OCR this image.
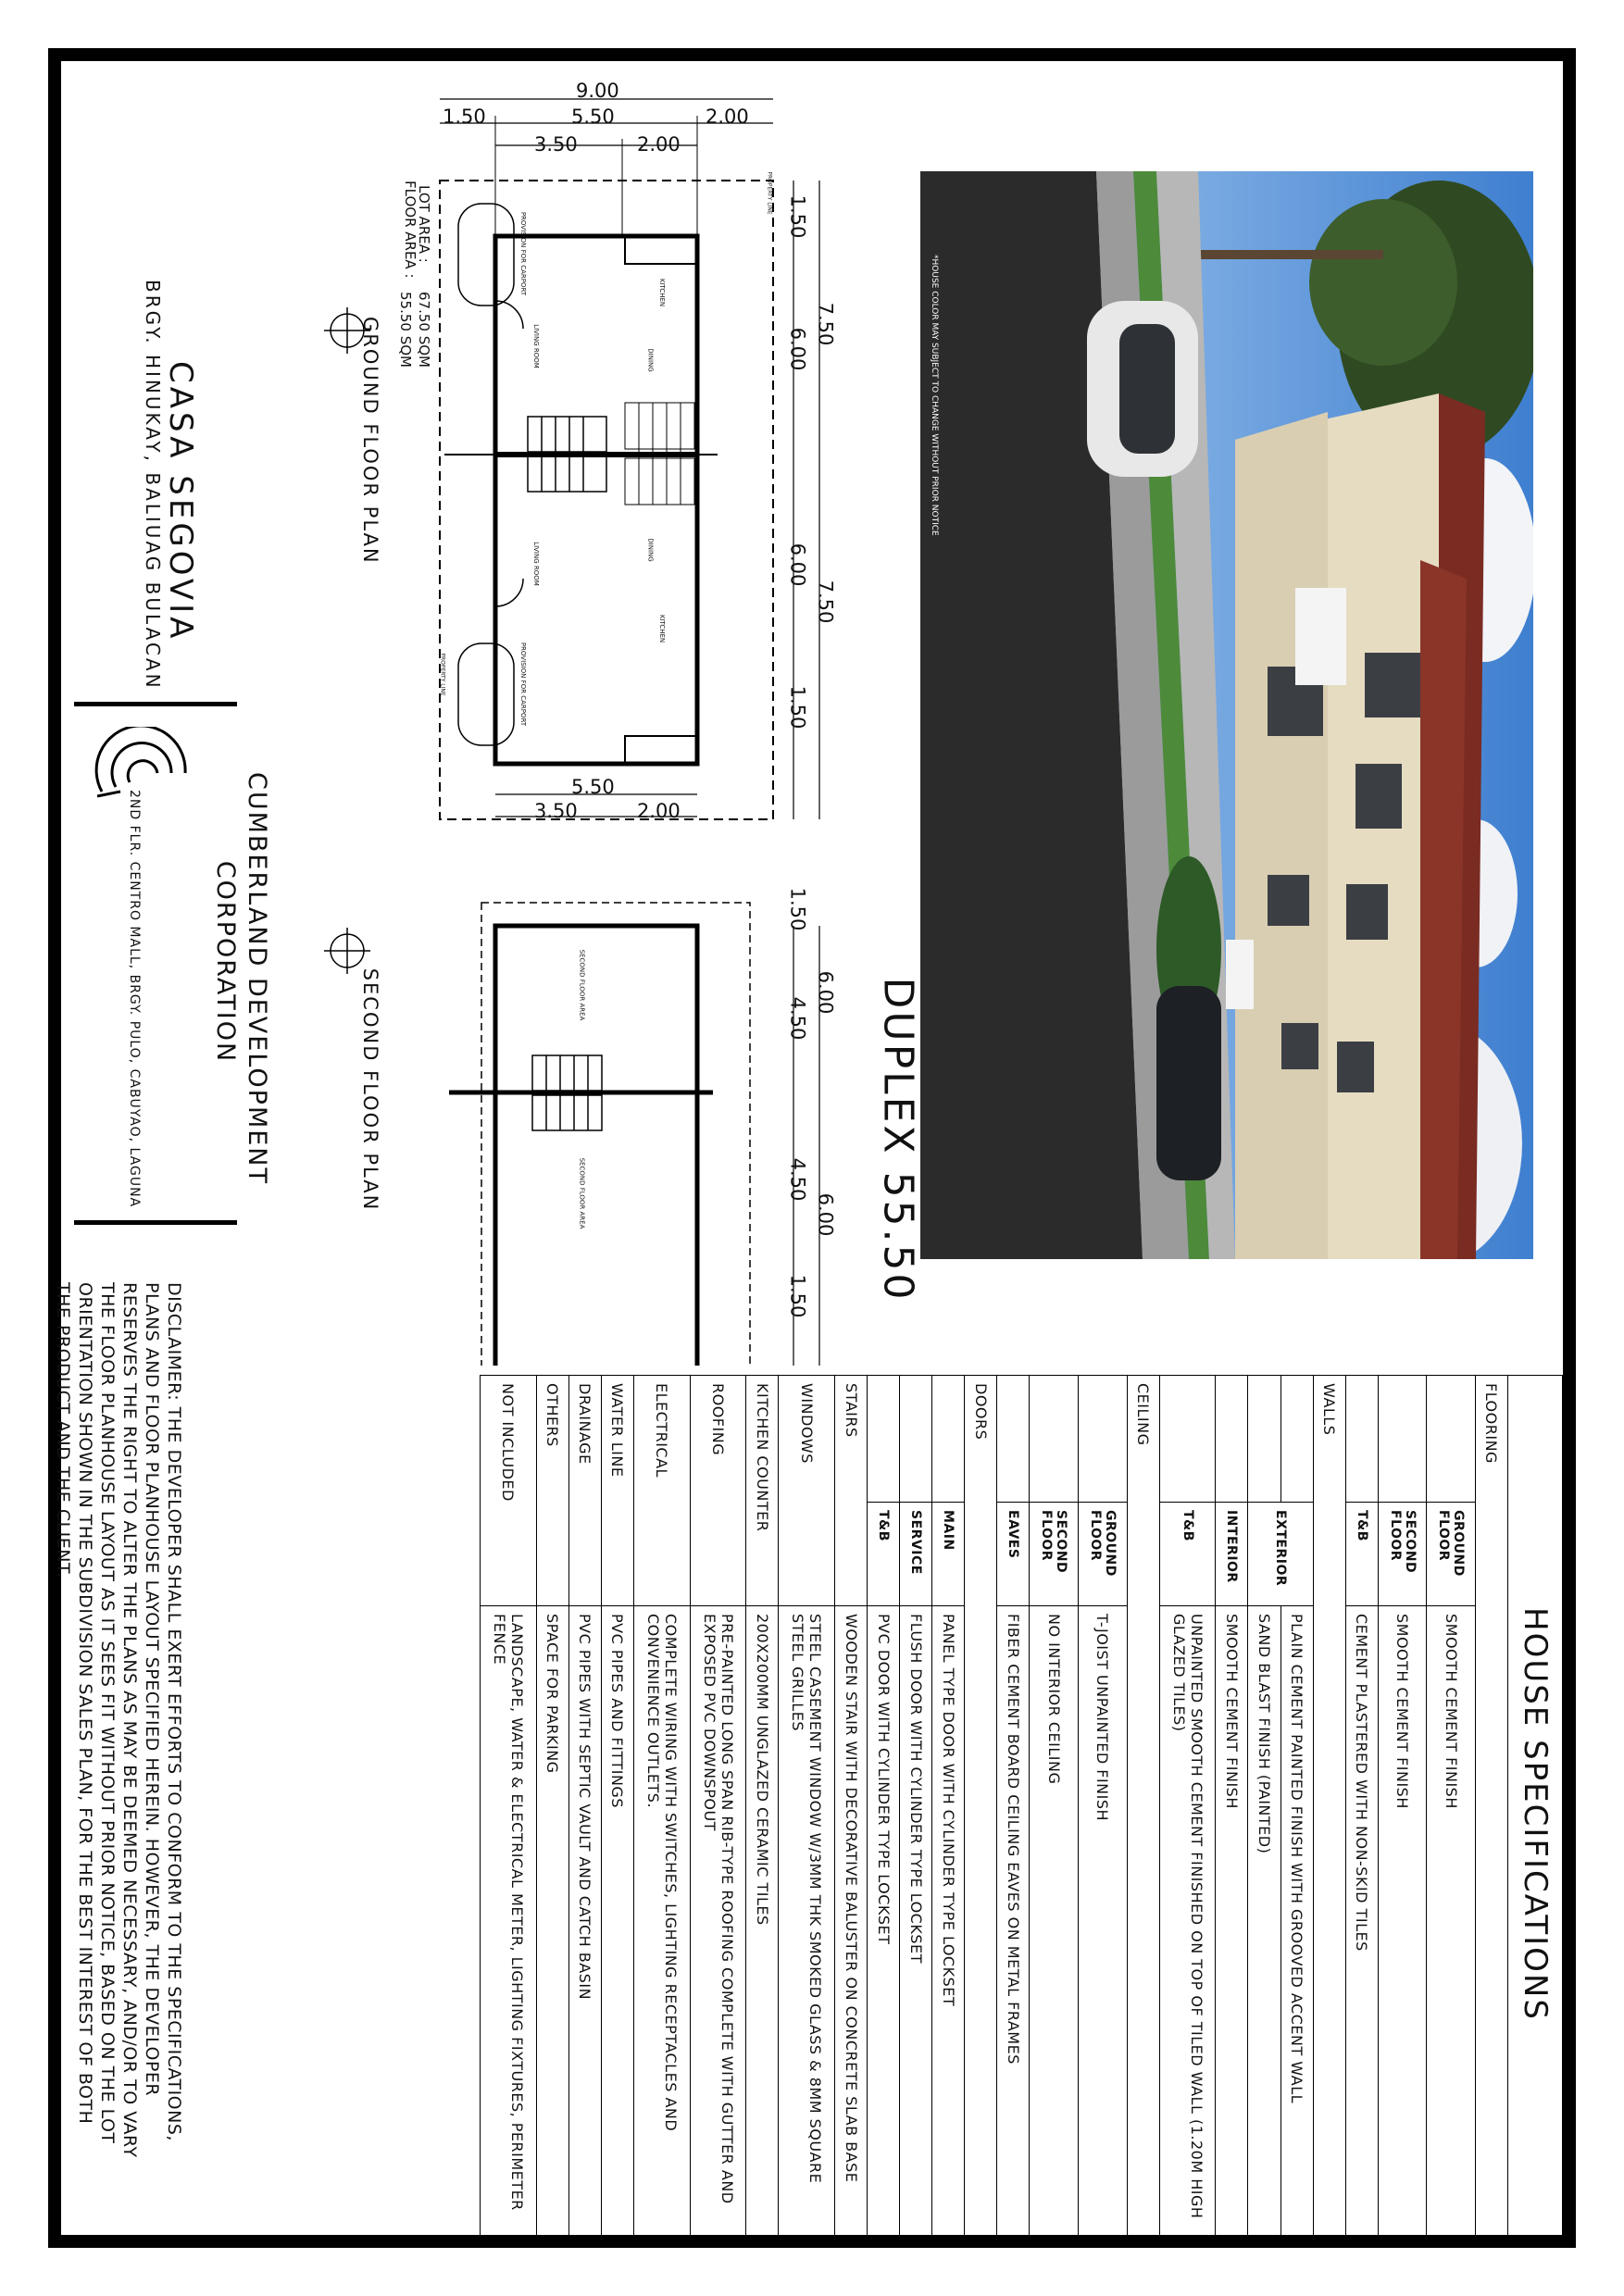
*HOUSE COLOR MAY SUBJECT TO CHANGE WITHOUT PRIOR NOTICE
DUPLEX 55.50
GROUND FLOOR PLAN
SECOND FLOOR PLAN
LOT AREA :
67.50 SQM
FLOOR AREA :
55.50 SQM
9.00
1.50	5.50	2.00
3.50	2.00
1.50
6.00
6.00
1.50
7.50
7.50
LIVING ROOM	DINING
KITCHEN
LIVING ROOM	DINING
KITCHEN
PROVISION FOR CARPORT
PROVISION FOR CARPORT
PROPERTY LINE
PROPERTY LINE
5.50
3.50	2.00
1.50
4.50
4.50
1.50
6.00
6.00
SECOND FLOOR AREA
SECOND FLOOR AREA
CASA SEGOVIA
BRGY. HINUKAY, BALIUAG BULACAN
CUMBERLAND DEVELOPMENT
CORPORATION
2ND FLR. CENTRO MALL, BRGY. PULO, CABUYAO, LAGUNA
DISCLAIMER: THE DEVELOPER SHALL EXERT EFFORTS TO CONFORM TO THE SPECIFICATIONS, PLANS AND FLOOR PLANHOUSE LAYOUT SPECIFIED HEREIN. HOWEVER, THE DEVELOPER RESERVES THE RIGHT TO ALTER THE PLANS AS MAY BE DEEMED NECESSARY, AND/OR TO VARY THE FLOOR PLANHOUSE LAYOUT AS IT SEES FIT WITHOUT PRIOR NOTICE, BASED ON THE LOT ORIENTATION SHOWN IN THE SUBDIVISION SALES PLAN, FOR THE BEST INTEREST OF BOTH THE PRODUCT AND THE CLIENT.
HOUSE SPECIFICATIONS		
FLOORING		
	GROUND FLOOR	SMOOTH CEMENT FINISH
	SECOND FLOOR	SMOOTH CEMENT FINISH
	T&B	CEMENT PLASTERED WITH NON-SKID TILES
WALLS		
	EXTERIOR	PLAIN CEMENT PAINTED FINISH WITH GROOVED ACCENT WALL
		SAND BLAST FINISH (PAINTED)
	INTERIOR	SMOOTH CEMENT FINISH
	T&B	UNPAINTED SMOOTH CEMENT FINISHED ON TOP OF TILED WALL (1.20M HIGH GLAZED TILES)
CEILING		
	GROUND FLOOR	T-JOIST UNPAINTED FINISH
	SECOND FLOOR	NO INTERIOR CEILING
	EAVES	FIBER CEMENT BOARD CEILING EAVES ON METAL FRAMES
DOORS		
	MAIN	PANEL TYPE DOOR WITH CYLINDER TYPE LOCKSET
	SERVICE	FLUSH DOOR WITH CYLINDER TYPE LOCKSET
	T&B	PVC DOOR WITH CYLINDER TYPE LOCKSET
STAIRS		WOODEN STAIR WITH DECORATIVE BALUSTER ON CONCRETE SLAB BASE
WINDOWS		STEEL CASEMENT WINDOW W/3MM THK SMOKED GLASS & 8MM SQUARE STEEL GRILLES
KITCHEN COUNTER		200X200MM UNGLAZED CERAMIC TILES
ROOFING		PRE-PAINTED LONG SPAN RIB-TYPE ROOFING COMPLETE WITH GUTTER AND EXPOSED PVC DOWNSPOUT
ELECTRICAL		COMPLETE WIRING WITH SWITCHES, LIGHTING RECEPTACLES AND CONVENIENCE OUTLETS.
WATER LINE		PVC PIPES AND FITTINGS
DRAINAGE		PVC PIPES WITH SEPTIC VAULT AND CATCH BASIN
OTHERS		SPACE FOR PARKING
NOT INCLUDED		LANDSCAPE, WATER & ELECTRICAL METER, LIGHTING FIXTURES, PERIMETER FENCE
